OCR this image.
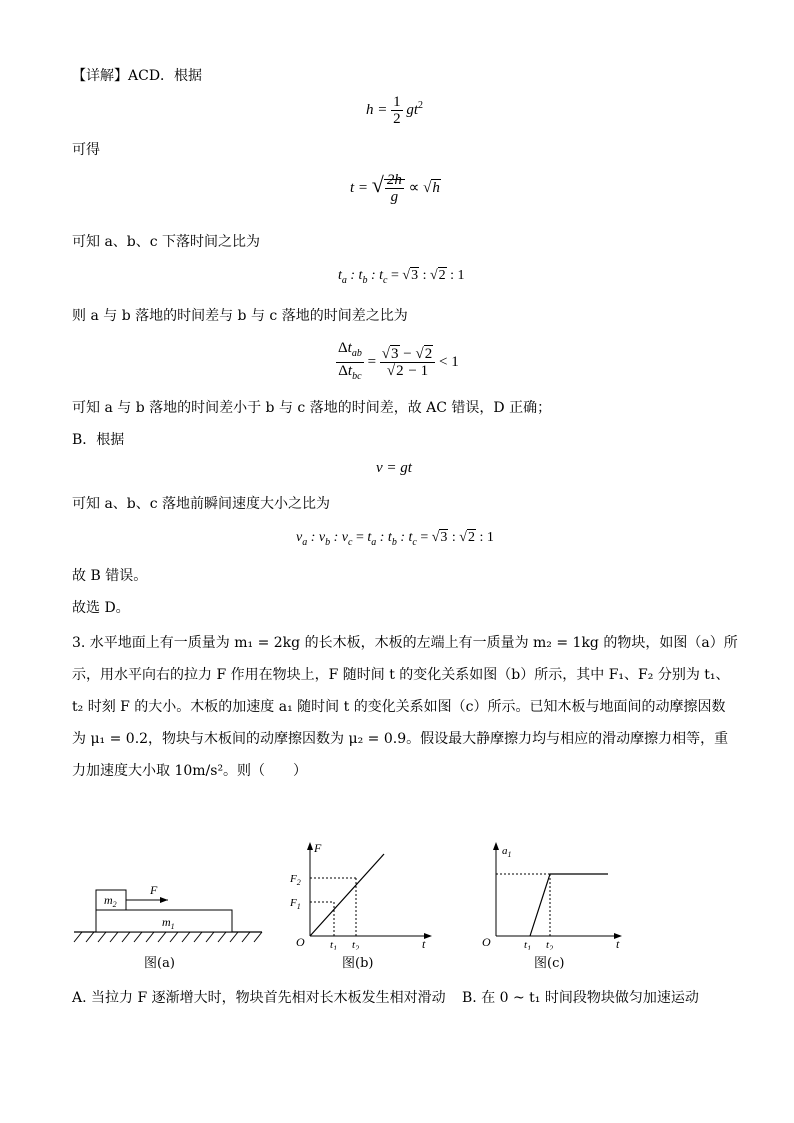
【详解】ACD．根据
$h = \frac{1}{2} gt^2$
可得
t = √ $\frac{2h}{g} \propto √h$
可知 a、b、c 下落时间之比为
$t_a$ : $t_b$ : $t_c = √3$ : √2 : 1
则 a 与 b 落地的时间差与 b 与 c 落地的时间差之比为
$\frac{\Delta t_{ab}}{\Delta t_{bc}} = \frac{√3 - √2}{√2 - 1} < 1$
可知 a 与 b 落地的时间差小于 b 与 c 落地的时间差，故 AC 错误，D 正确；
B．根据
v = gt
可知 a、b、c 落地前瞬间速度大小之比为
$v_a$ : $v_b$ : $v_c = t_a$ : $t_b$ : $t_c = √3$ : √2 : 1
故 B 错误。
故选 D。
3. 水平地面上有一质量为 m₁ = 2kg 的长木板，木板的左端上有一质量为 m₂ = 1kg 的物块，如图（a）所
示，用水平向右的拉力 F 作用在物块上，F 随时间 t 的变化关系如图（b）所示，其中 F₁、F₂ 分别为 t₁、
t₂ 时刻 F 的大小。木板的加速度 a₁ 随时间 t 的变化关系如图（c）所示。已知木板与地面间的动摩擦因数
为 μ₁ = 0.2，物块与木板间的动摩擦因数为 μ₂ = 0.9。假设最大静摩擦力均与相应的滑动摩擦力相等，重
力加速度大小取 10m/s²。则（　　）
$m_1$
$m_2$
F
图(a)
F
O	t
$F_2$
$F_1$
$t_1$ $t_2$
图(b)
$a_1$
O	t
$t_1$ $t_2$
图(c)
A. 当拉力 F 逐渐增大时，物块首先相对长木板发生相对滑动 B. 在 0 ~ t₁ 时间段物块做匀加速运动
